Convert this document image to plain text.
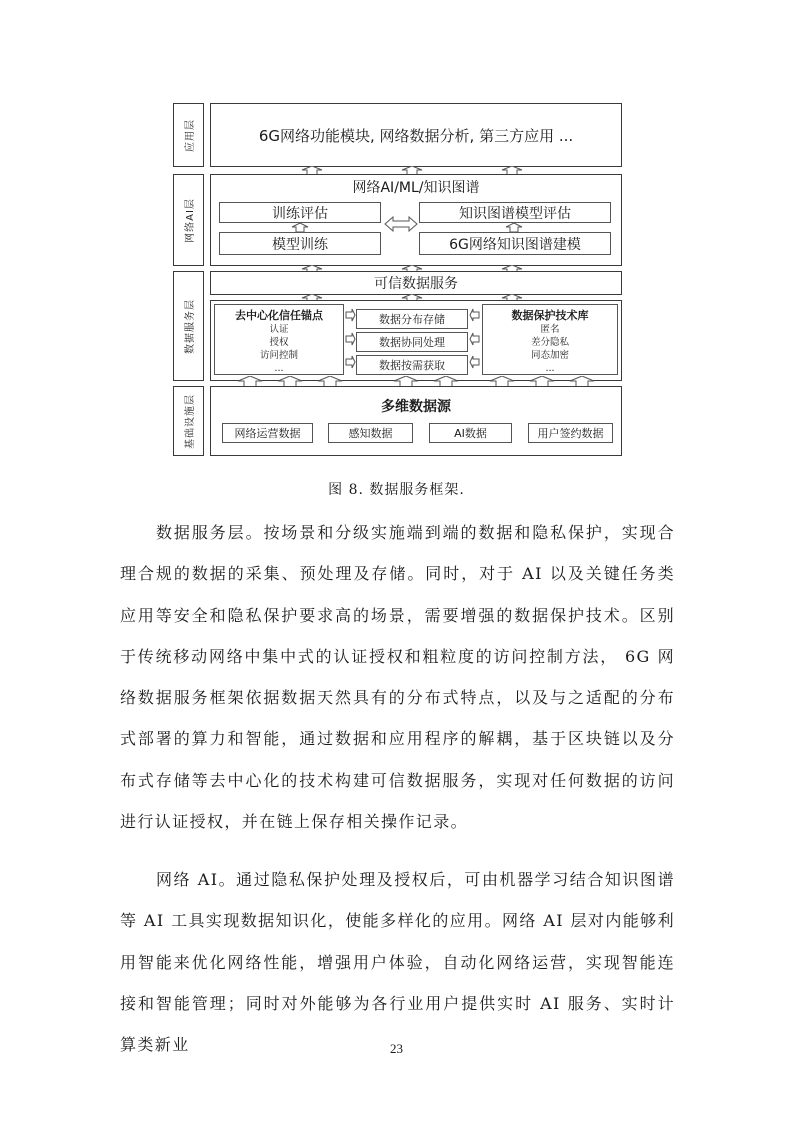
应用层
网络AI层
数据服务层
基础设施层
6G网络功能模块, 网络数据分析, 第三方应用 ...
网络AI/ML/知识图谱
训练评估	知识图谱模型评估
模型训练	6G网络知识图谱建模
可信数据服务
去中心化信任锚点
认证
授权
访问控制
...
数据分布存储
数据协同处理
数据按需获取
数据保护技术库
匿名
差分隐私
同态加密
...
多维数据源
网络运营数据	感知数据	AI数据	用户签约数据
图 8. 数据服务框架.

数据服务层。按场景和分级实施端到端的数据和隐私保护，实现合理合规的数据的采集、预处理及存储。同时，对于 AI 以及关键任务类应用等安全和隐私保护要求高的场景，需要增强的数据保护技术。区别于传统移动网络中集中式的认证授权和粗粒度的访问控制方法， 6G 网络数据服务框架依据数据天然具有的分布式特点，以及与之适配的分布式部署的算力和智能，通过数据和应用程序的解耦，基于区块链以及分布式存储等去中心化的技术构建可信数据服务，实现对任何数据的访问进行认证授权，并在链上保存相关操作记录。

网络 AI。通过隐私保护处理及授权后，可由机器学习结合知识图谱等 AI 工具实现数据知识化，使能多样化的应用。网络 AI 层对内能够利用智能来优化网络性能，增强用户体验，自动化网络运营，实现智能连接和智能管理；同时对外能够为各行业用户提供实时 AI 服务、实时计算类新业	23
